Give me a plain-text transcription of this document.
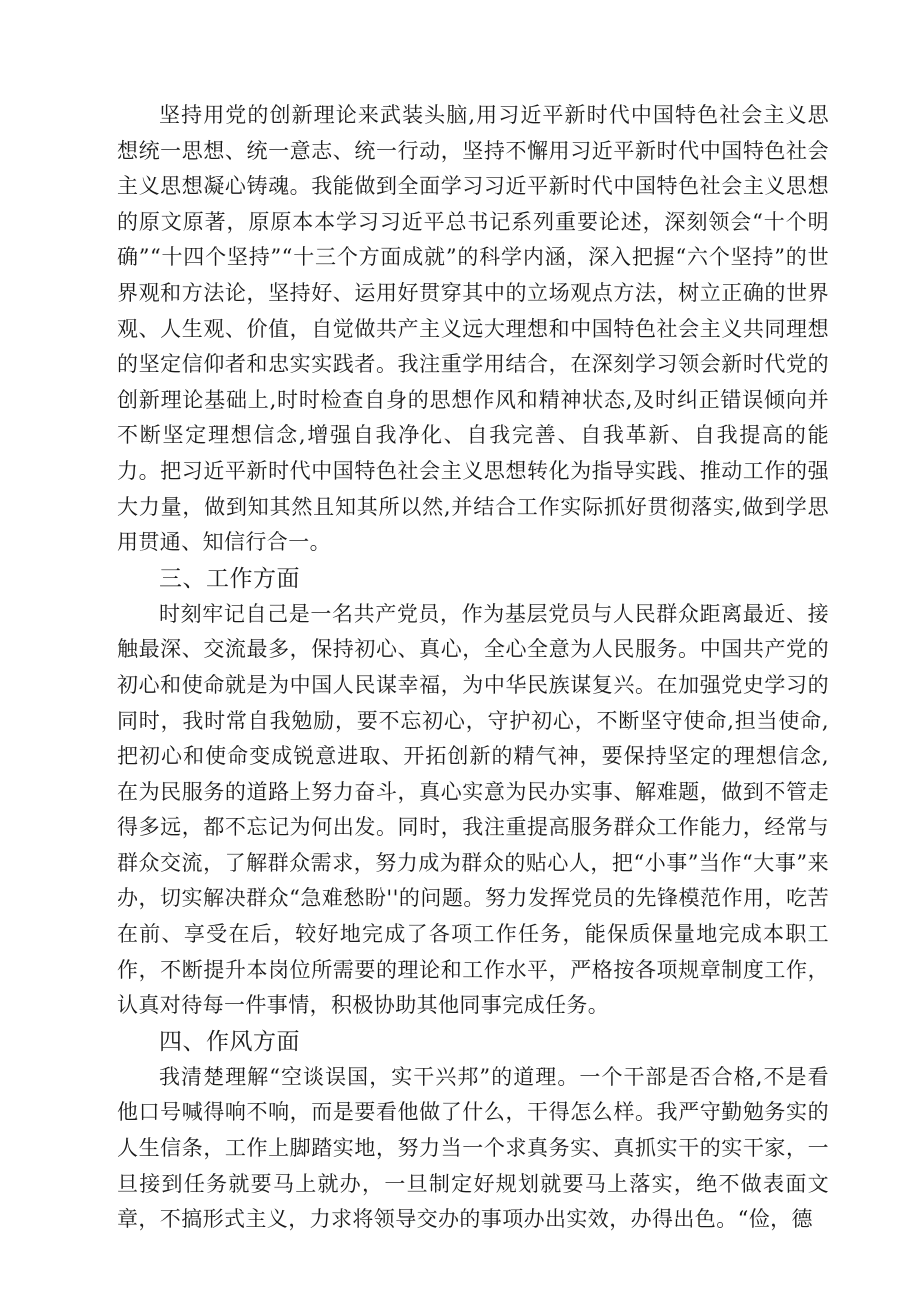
坚持用党的创新理论来武装头脑,用习近平新时代中国特色社会主义思想统一思想、统一意志、统一行动，坚持不懈用习近平新时代中国特色社会主义思想凝心铸魂。我能做到全面学习习近平新时代中国特色社会主义思想的原文原著，原原本本学习习近平总书记系列重要论述，深刻领会“十个明确”“十四个坚持”“十三个方面成就”的科学内涵，深入把握“六个坚持”的世界观和方法论，坚持好、运用好贯穿其中的立场观点方法，树立正确的世界观、人生观、价值，自觉做共产主义远大理想和中国特色社会主义共同理想的坚定信仰者和忠实实践者。我注重学用结合，在深刻学习领会新时代党的创新理论基础上,时时检查自身的思想作风和精神状态,及时纠正错误倾向并不断坚定理想信念,增强自我净化、自我完善、自我革新、自我提高的能力。把习近平新时代中国特色社会主义思想转化为指导实践、推动工作的强大力量，做到知其然且知其所以然,并结合工作实际抓好贯彻落实,做到学思用贯通、知信行合一。

三、工作方面

时刻牢记自己是一名共产党员，作为基层党员与人民群众距离最近、接触最深、交流最多，保持初心、真心，全心全意为人民服务。中国共产党的初心和使命就是为中国人民谋幸福，为中华民族谋复兴。在加强党史学习的同时，我时常自我勉励，要不忘初心，守护初心，不断坚守使命,担当使命,把初心和使命变成锐意进取、开拓创新的精气神，要保持坚定的理想信念,在为民服务的道路上努力奋斗，真心实意为民办实事、解难题，做到不管走得多远，都不忘记为何出发。同时，我注重提高服务群众工作能力，经常与群众交流，了解群众需求，努力成为群众的贴心人，把“小事”当作“大事”来办，切实解决群众“急难愁盼''的问题。努力发挥党员的先锋模范作用，吃苦在前、享受在后，较好地完成了各项工作任务，能保质保量地完成本职工作，不断提升本岗位所需要的理论和工作水平，严格按各项规章制度工作，认真对待每一件事情，积极协助其他同事完成任务。

四、作风方面

我清楚理解“空谈误国，实干兴邦”的道理。一个干部是否合格,不是看他口号喊得响不响，而是要看他做了什么，干得怎么样。我严守勤勉务实的人生信条，工作上脚踏实地，努力当一个求真务实、真抓实干的实干家，一旦接到任务就要马上就办，一旦制定好规划就要马上落实，绝不做表面文章，不搞形式主义，力求将领导交办的事项办出实效，办得出色。“俭，德
